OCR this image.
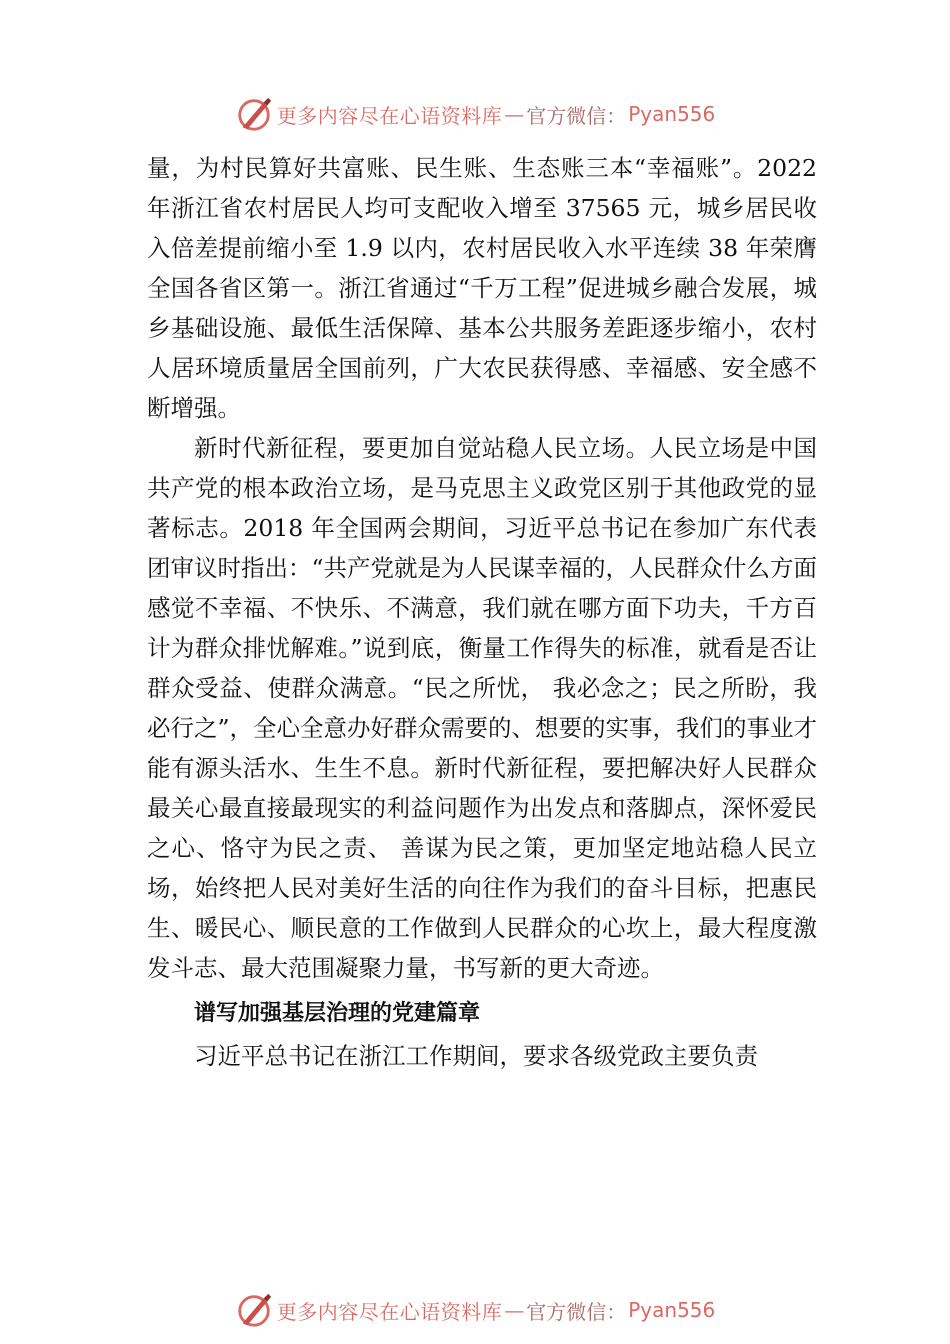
更多内容尽在心语资料库 — 官方微信： Pyan556

量，为村民算好共富账、民生账、生态账三本“幸福账”。2022 年浙江省农村居民人均可支配收入增至 37565 元，城乡居民收入倍差提前缩小至 1.9 以内，农村居民收入水平连续 38 年荣膺全国各省区第一。浙江省通过“千万工程”促进城乡融合发展，城乡基础设施、最低生活保障、基本公共服务差距逐步缩小，农村人居环境质量居全国前列，广大农民获得感、幸福感、安全感不断增强。

新时代新征程，要更加自觉站稳人民立场。人民立场是中国共产党的根本政治立场，是马克思主义政党区别于其他政党的显著标志。2018 年全国两会期间，习近平总书记在参加广东代表团审议时指出：“共产党就是为人民谋幸福的，人民群众什么方面感觉不幸福、不快乐、不满意，我们就在哪方面下功夫，千方百计为群众排忧解难。”说到底，衡量工作得失的标准，就看是否让群众受益、使群众满意。“民之所忧， 我必念之；民之所盼，我必行之”，全心全意办好群众需要的、想要的实事，我们的事业才能有源头活水、生生不息。新时代新征程，要把解决好人民群众最关心最直接最现实的利益问题作为出发点和落脚点，深怀爱民之心、恪守为民之责、 善谋为民之策，更加坚定地站稳人民立场，始终把人民对美好生活的向往作为我们的奋斗目标，把惠民生、暖民心、顺民意的工作做到人民群众的心坎上，最大程度激发斗志、最大范围凝聚力量，书写新的更大奇迹。

谱写加强基层治理的党建篇章

习近平总书记在浙江工作期间，要求各级党政主要负责

更多内容尽在心语资料库 — 官方微信： Pyan556
